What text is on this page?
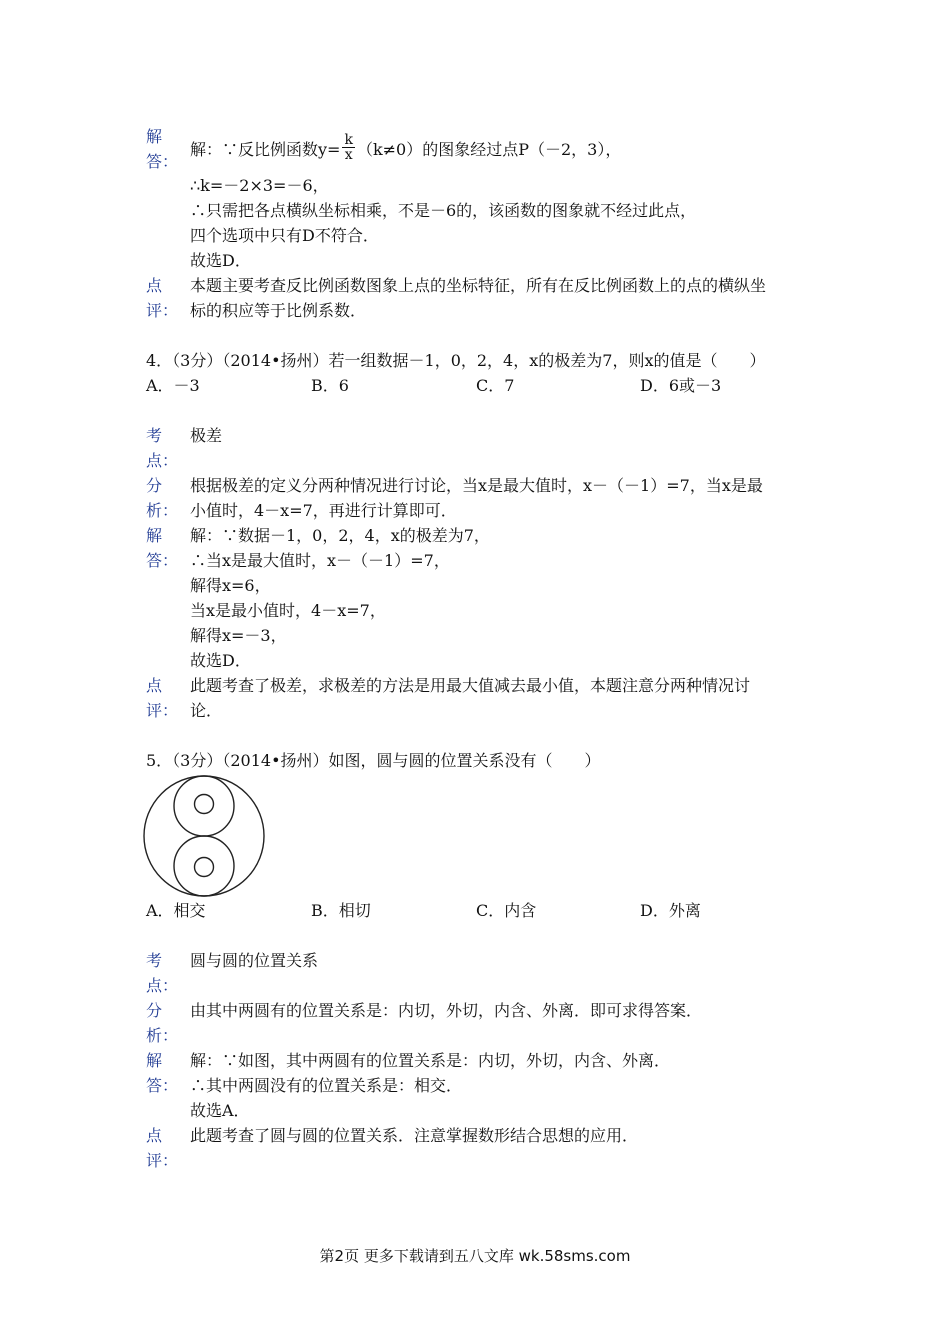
解
答：
解：∵反比例函数$y= \frac{k}{x} (k\ne 0)$的图象经过点P（－2，3），
∴k=－2×3=－6，
∴只需把各点横纵坐标相乘，不是－6的，该函数的图象就不经过此点，
四个选项中只有D不符合．
故选D．
点
评：
本题主要考查反比例函数图象上点的坐标特征，所有在反比例函数上的点的横纵坐
标的积应等于比例系数．
4．（3分）（2014•扬州）若一组数据－1，0，2，4，x的极差为7，则x的值是（　　）
A．－3	B．6	C．7	D．6或－3
考
点：
极差
分
析：
根据极差的定义分两种情况进行讨论，当x是最大值时，x－（－1）=7，当x是最
小值时，4－x=7，再进行计算即可．
解
答：
解：∵数据－1，0，2，4，x的极差为7，
∴当x是最大值时，x－（－1）=7，
解得x=6，
当x是最小值时，4－x=7，
解得x=－3，
故选D．
点
评：
此题考查了极差，求极差的方法是用最大值减去最小值，本题注意分两种情况讨
论．
5．（3分）（2014•扬州）如图，圆与圆的位置关系没有（　　）
A．相交	B．相切	C．内含	D．外离
考
点：
圆与圆的位置关系
分
析：
由其中两圆有的位置关系是：内切，外切，内含、外离．即可求得答案．
解
答：
解：∵如图，其中两圆有的位置关系是：内切，外切，内含、外离．
∴其中两圆没有的位置关系是：相交．
故选A．
点
评：
此题考查了圆与圆的位置关系．注意掌握数形结合思想的应用．
第2页 更多下载请到五八文库 wk.58sms.com
